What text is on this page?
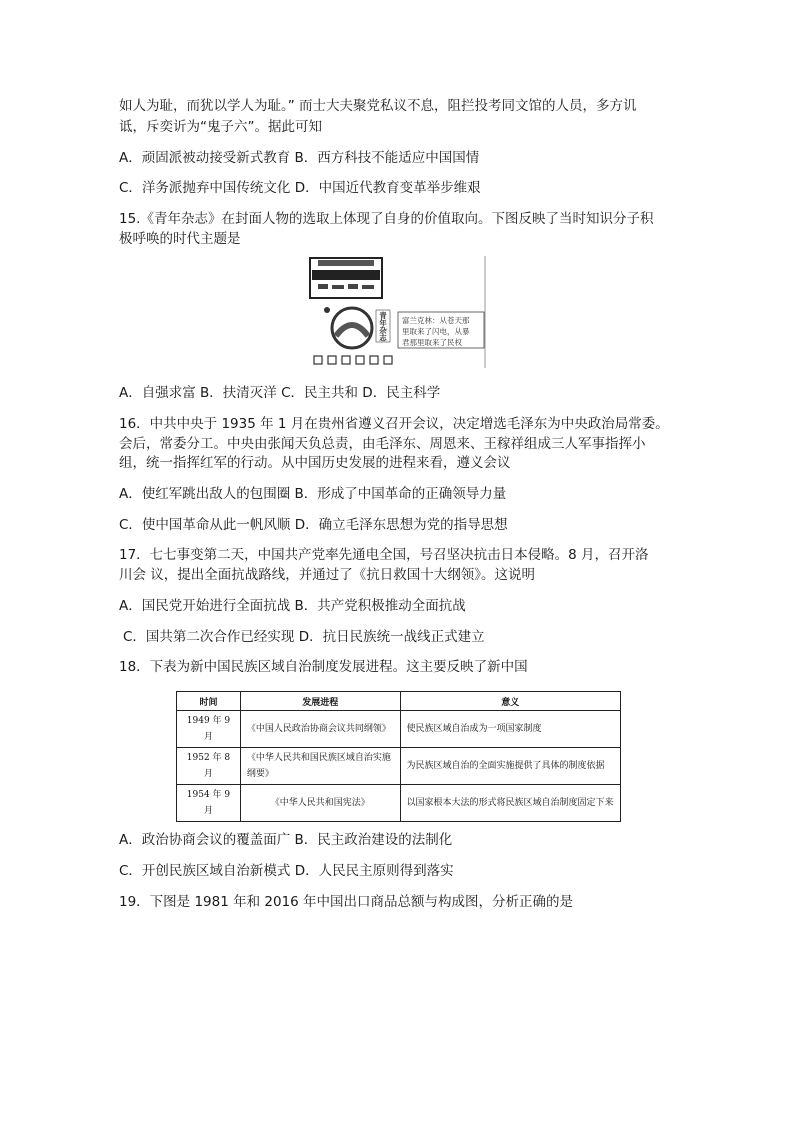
如人为耻，而犹以学人为耻。” 而士大夫聚党私议不息，阻拦投考同文馆的人员，多方讥
诋，斥奕䜣为“鬼子六”。据此可知
A．顽固派被动接受新式教育 B．西方科技不能适应中国国情
C．洋务派抛弃中国传统文化 D．中国近代教育变革举步维艰
15.《青年杂志》在封面人物的选取上体现了自身的价值取向。下图反映了当时知识分子积
极呼唤的时代主题是
青年杂志
富兰克林：从苍天那
里取来了闪电，从暴
君那里取来了民权
A．自强求富 B．扶清灭洋 C．民主共和 D．民主科学
16．中共中央于 1935 年 1 月在贵州省遵义召开会议，决定增选毛泽东为中央政治局常委。
会后，常委分工。中央由张闻天负总责，由毛泽东、周恩来、王稼祥组成三人军事指挥小
组，统一指挥红军的行动。从中国历史发展的进程来看，遵义会议
A．使红军跳出敌人的包围圈 B．形成了中国革命的正确领导力量
C．使中国革命从此一帆风顺 D．确立毛泽东思想为党的指导思想
17．七七事变第二天，中国共产党率先通电全国，号召坚决抗击日本侵略。8 月，召开洛
川会 议，提出全面抗战路线，并通过了《抗日救国十大纲领》。这说明
A．国民党开始进行全面抗战 B．共产党积极推动全面抗战
C．国共第二次合作已经实现 D．抗日民族统一战线正式建立
18．下表为新中国民族区域自治制度发展进程。这主要反映了新中国
时间	发展进程	意义
1949 年 9 月	《中国人民政治协商会议共同纲领》	使民族区域自治成为一项国家制度
1952 年 8 月	《中华人民共和国民族区域自治实施纲要》	为民族区域自治的全面实施提供了具体的制度依据
1954 年 9 月	《中华人民共和国宪法》	以国家根本大法的形式将民族区域自治制度固定下来
A．政治协商会议的覆盖面广 B．民主政治建设的法制化
C．开创民族区域自治新模式 D．人民民主原则得到落实
19．下图是 1981 年和 2016 年中国出口商品总额与构成图，分析正确的是
